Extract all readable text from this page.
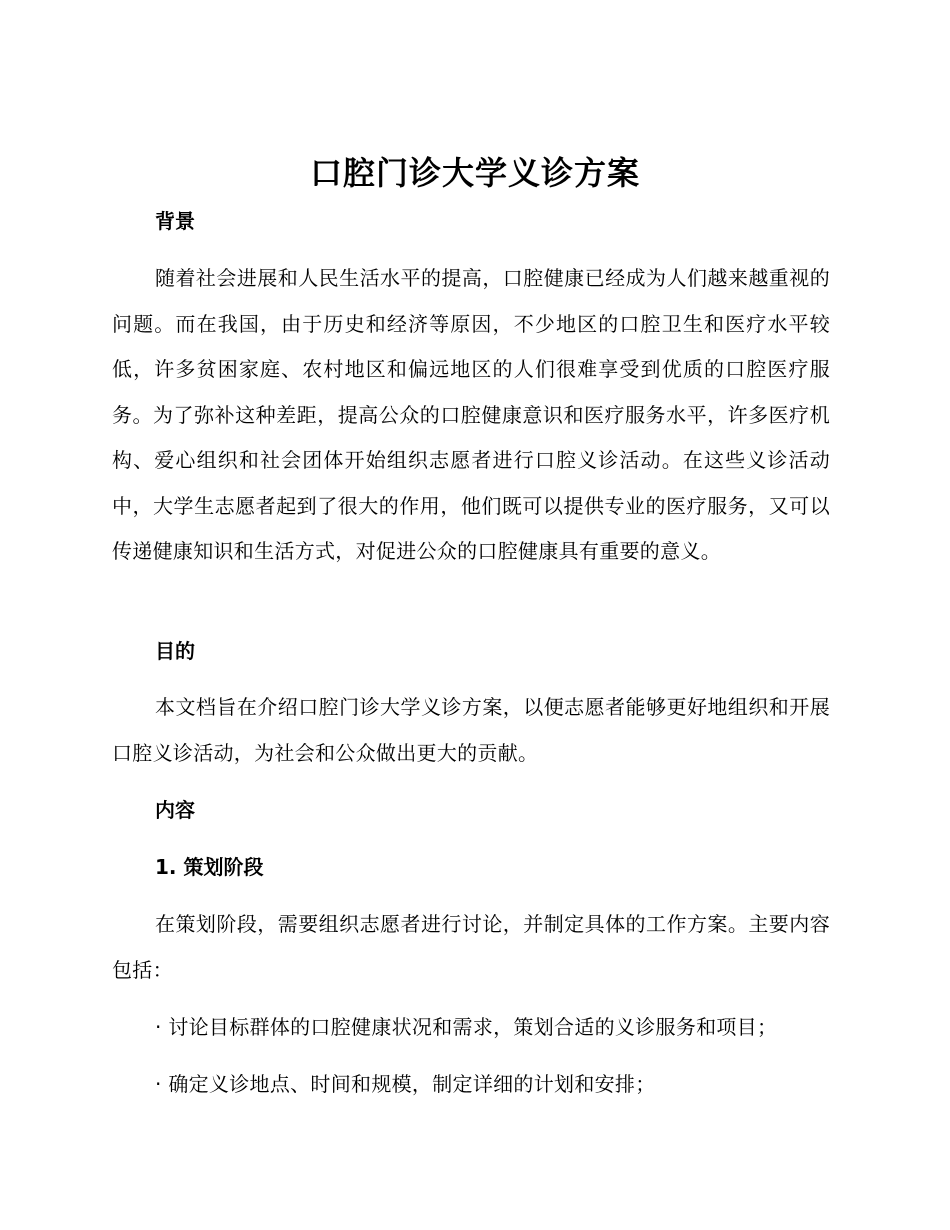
口腔门诊大学义诊方案
背景

随着社会进展和人民生活水平的提高，口腔健康已经成为人们越来越重视的问题。而在我国，由于历史和经济等原因，不少地区的口腔卫生和医疗水平较低，许多贫困家庭、农村地区和偏远地区的人们很难享受到优质的口腔医疗服务。为了弥补这种差距，提高公众的口腔健康意识和医疗服务水平，许多医疗机构、爱心组织和社会团体开始组织志愿者进行口腔义诊活动。在这些义诊活动中，大学生志愿者起到了很大的作用，他们既可以提供专业的医疗服务，又可以传递健康知识和生活方式，对促进公众的口腔健康具有重要的意义。

目的

本文档旨在介绍口腔门诊大学义诊方案，以便志愿者能够更好地组织和开展口腔义诊活动，为社会和公众做出更大的贡献。

内容
1. 策划阶段

在策划阶段，需要组织志愿者进行讨论，并制定具体的工作方案。主要内容包括：

· 讨论目标群体的口腔健康状况和需求，策划合适的义诊服务和项目；

· 确定义诊地点、时间和规模，制定详细的计划和安排；
